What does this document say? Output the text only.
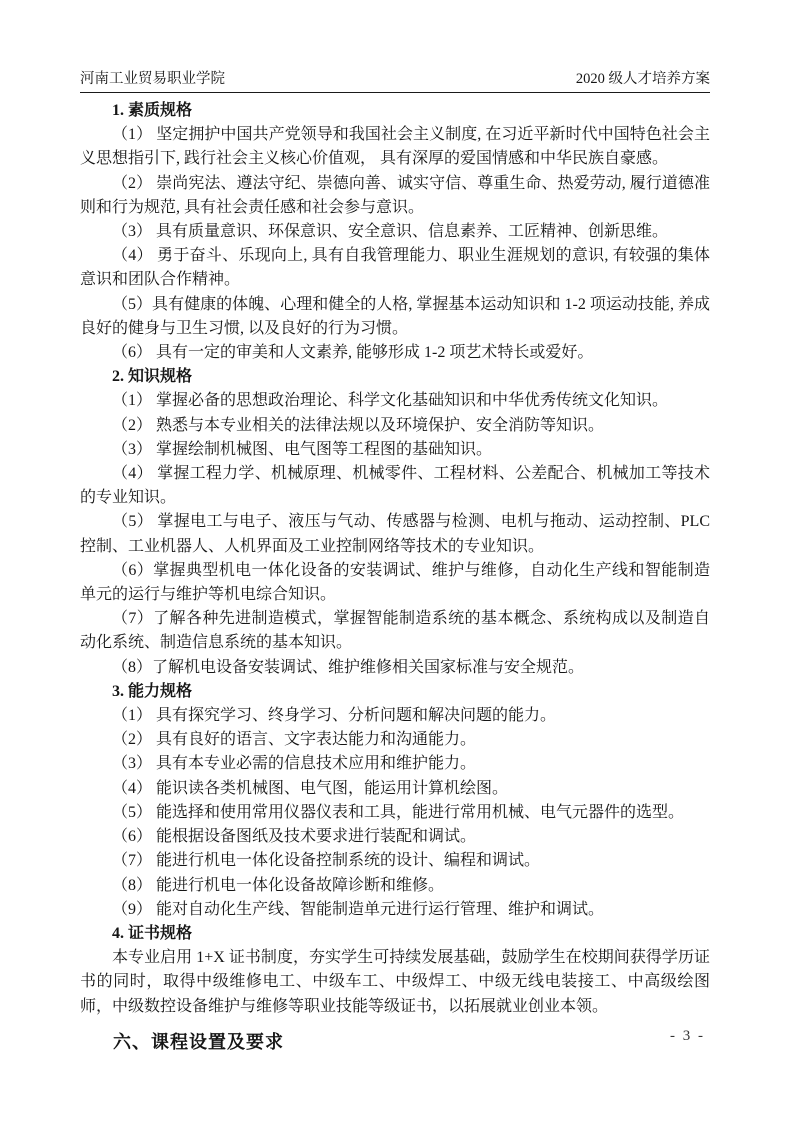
河南工业贸易职业学院	2020 级人才培养方案
1. 素质规格

（1） 坚定拥护中国共产党领导和我国社会主义制度, 在习近平新时代中国特色社会主义思想指引下, 践行社会主义核心价值观， 具有深厚的爱国情感和中华民族自豪感。

（2） 崇尚宪法、遵法守纪、崇德向善、诚实守信、尊重生命、热爱劳动, 履行道德准则和行为规范, 具有社会责任感和社会参与意识。

（3） 具有质量意识、环保意识、安全意识、信息素养、工匠精神、创新思维。

（4） 勇于奋斗、乐现向上, 具有自我管理能力、职业生涯规划的意识, 有较强的集体意识和团队合作精神。

（5）具有健康的体魄、心理和健全的人格, 掌握基本运动知识和 1-2 项运动技能, 养成良好的健身与卫生习惯, 以及良好的行为习惯。

（6） 具有一定的审美和人文素养, 能够形成 1-2 项艺术特长或爱好。

2. 知识规格

（1） 掌握必备的思想政治理论、科学文化基础知识和中华优秀传统文化知识。

（2） 熟悉与本专业相关的法律法规以及环境保护、安全消防等知识。

（3） 掌握绘制机械图、电气图等工程图的基础知识。

（4） 掌握工程力学、机械原理、机械零件、工程材料、公差配合、机械加工等技术的专业知识。

（5） 掌握电工与电子、液压与气动、传感器与检测、电机与拖动、运动控制、PLC 控制、工业机器人、人机界面及工业控制网络等技术的专业知识。

（6）掌握典型机电一体化设备的安装调试、维护与维修，自动化生产线和智能制造单元的运行与维护等机电综合知识。

（7）了解各种先进制造模式，掌握智能制造系统的基本概念、系统构成以及制造自动化系统、制造信息系统的基本知识。

（8）了解机电设备安装调试、维护维修相关国家标准与安全规范。

3. 能力规格

（1） 具有探究学习、终身学习、分析问题和解决问题的能力。

（2） 具有良好的语言、文字表达能力和沟通能力。

（3） 具有本专业必需的信息技术应用和维护能力。

（4） 能识读各类机械图、电气图，能运用计算机绘图。

（5） 能选择和使用常用仪器仪表和工具，能进行常用机械、电气元器件的选型。

（6） 能根据设备图纸及技术要求进行装配和调试。

（7） 能进行机电一体化设备控制系统的设计、编程和调试。

（8） 能进行机电一体化设备故障诊断和维修。

（9） 能对自动化生产线、智能制造单元进行运行管理、维护和调试。

4. 证书规格

本专业启用 1+X 证书制度，夯实学生可持续发展基础，鼓励学生在校期间获得学历证书的同时，取得中级维修电工、中级车工、中级焊工、中级无线电装接工、中高级绘图师，中级数控设备维护与维修等职业技能等级证书，以拓展就业创业本领。

六、课程设置及要求	- 3 -
